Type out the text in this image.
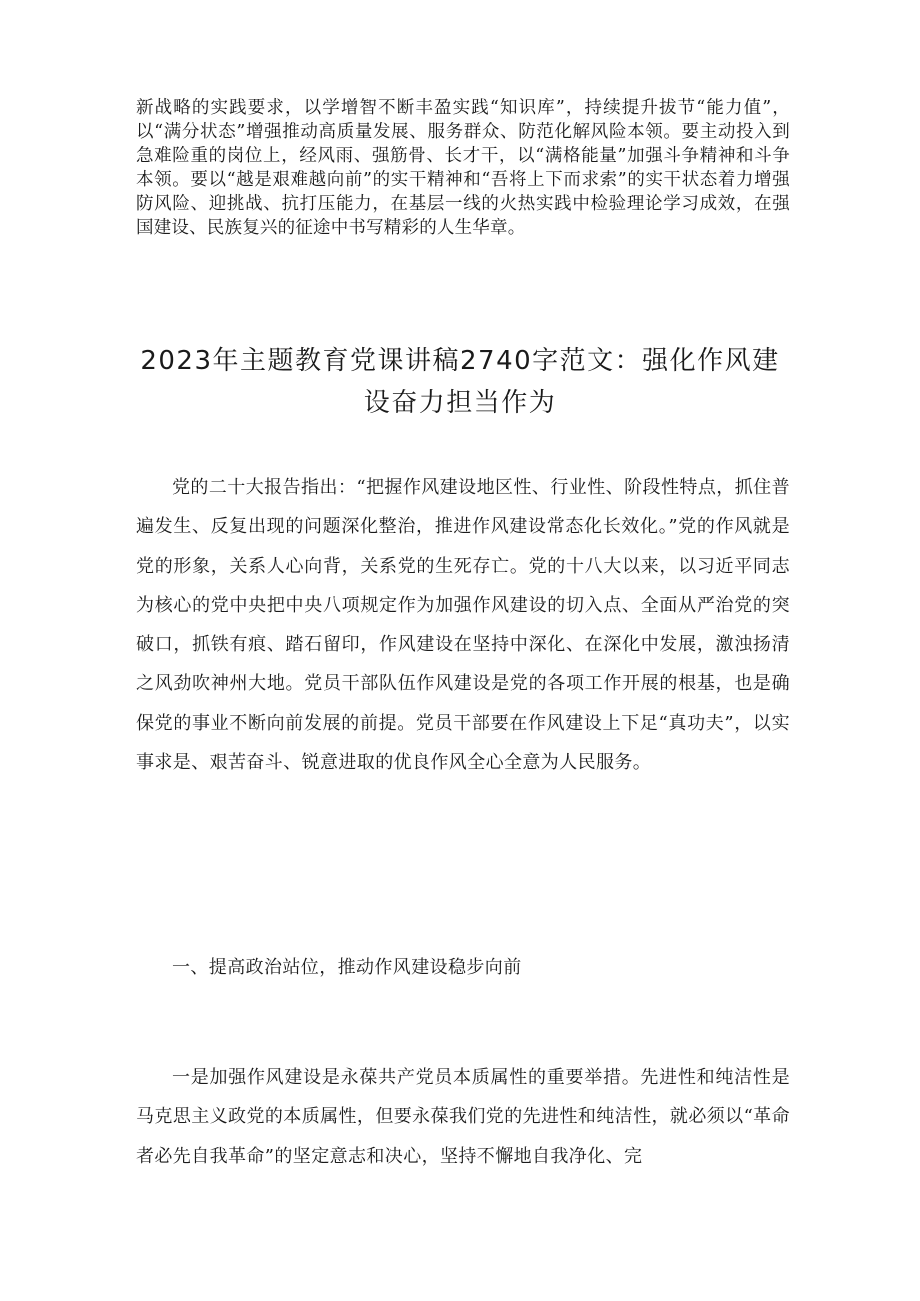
新战略的实践要求，以学增智不断丰盈实践“知识库”，持续提升拔节“能力值”，以“满分状态”增强推动高质量发展、服务群众、防范化解风险本领。要主动投入到急难险重的岗位上，经风雨、强筋骨、长才干，以“满格能量”加强斗争精神和斗争本领。要以“越是艰难越向前”的实干精神和“吾将上下而求索”的实干状态着力增强防风险、迎挑战、抗打压能力，在基层一线的火热实践中检验理论学习成效，在强国建设、民族复兴的征途中书写精彩的人生华章。

2023年主题教育党课讲稿2740字范文：强化作风建
设奋力担当作为

党的二十大报告指出：“把握作风建设地区性、行业性、阶段性特点，抓住普遍发生、反复出现的问题深化整治，推进作风建设常态化长效化。”党的作风就是党的形象，关系人心向背，关系党的生死存亡。党的十八大以来，以习近平同志为核心的党中央把中央八项规定作为加强作风建设的切入点、全面从严治党的突破口，抓铁有痕、踏石留印，作风建设在坚持中深化、在深化中发展，激浊扬清之风劲吹神州大地。党员干部队伍作风建设是党的各项工作开展的根基，也是确保党的事业不断向前发展的前提。党员干部要在作风建设上下足“真功夫”，以实事求是、艰苦奋斗、锐意进取的优良作风全心全意为人民服务。

一、提高政治站位，推动作风建设稳步向前

一是加强作风建设是永葆共产党员本质属性的重要举措。先进性和纯洁性是马克思主义政党的本质属性，但要永葆我们党的先进性和纯洁性，就必须以“革命者必先自我革命”的坚定意志和决心，坚持不懈地自我净化、完
